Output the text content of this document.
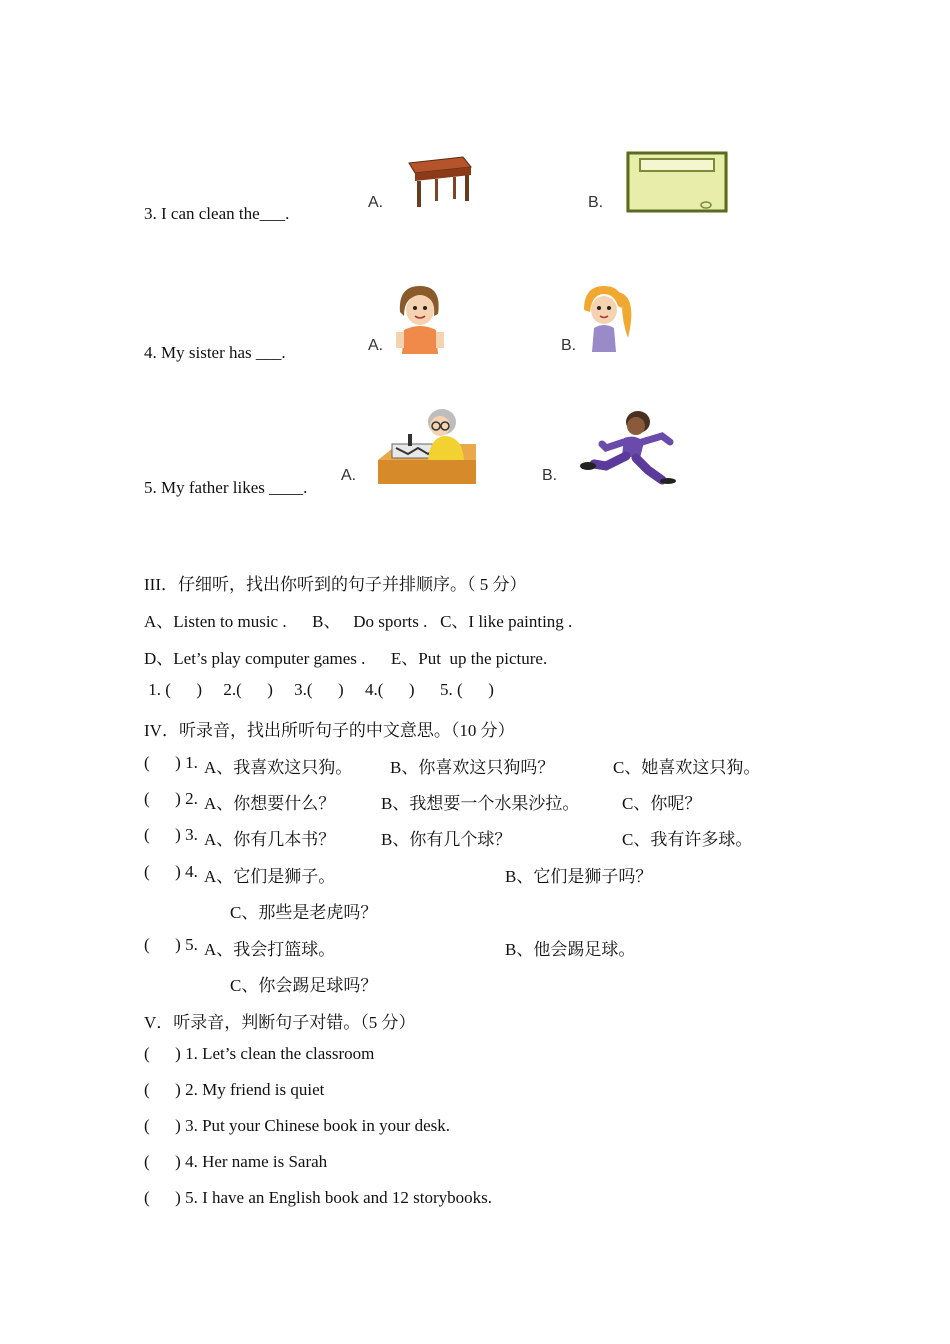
3. I can clean the___.
A.	B.
4. My sister has ___.	A.	B.
5. My father likes ____.
A.	B.
III．仔细听，找出你听到的句子并排顺序。（ 5 分）
A、Listen to music .      B、   Do sports .   C、I like painting .
D、Let’s play computer games .      E、Put  up the picture.
1. (      )     2.(      )     3.(      )     4.(      )      5. (      )
IV．听录音，找出所听句子的中文意思。（10 分）
(      ) 1. A、我喜欢这只狗。 B、你喜欢这只狗吗？	C、她喜欢这只狗。
(      ) 2. A、你想要什么？	B、我想要一个水果沙拉。	C、你呢？
(      ) 3. A、你有几本书？	B、你有几个球？	C、我有许多球。
(      ) 4. A、它们是狮子。	B、它们是狮子吗？
C、那些是老虎吗？
(      ) 5. A、我会打篮球。	B、他会踢足球。
C、你会踢足球吗？
V．听录音，判断句子对错。（5 分）
(      ) 1. Let’s clean the classroom
(      ) 2. My friend is quiet
(      ) 3. Put your Chinese book in your desk.
(      ) 4. Her name is Sarah
(      ) 5. I have an English book and 12 storybooks.
